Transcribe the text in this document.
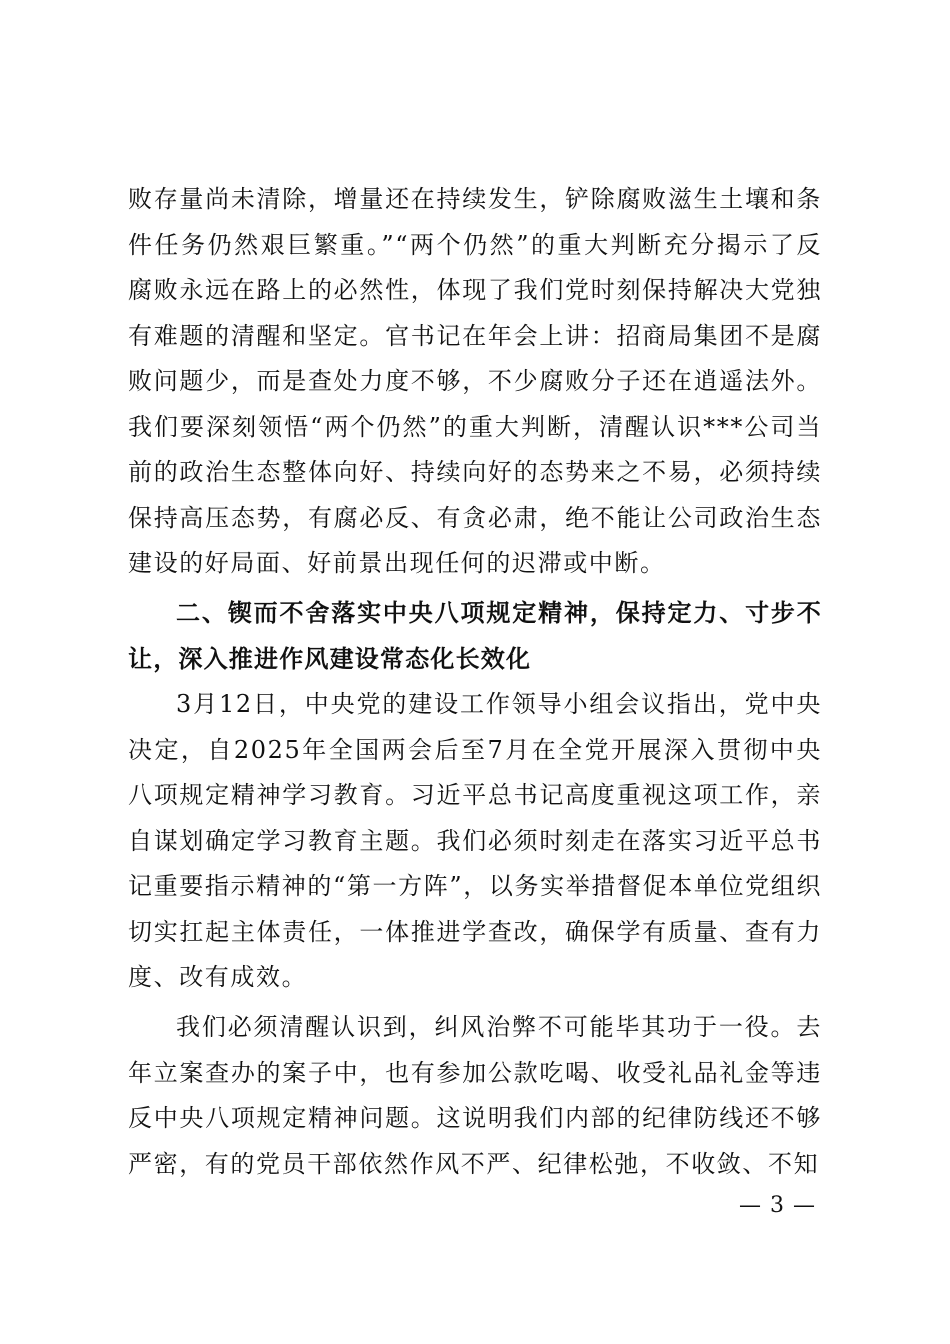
败存量尚未清除，增量还在持续发生，铲除腐败滋生土壤和条件任务仍然艰巨繁重。”“两个仍然”的重大判断充分揭示了反腐败永远在路上的必然性，体现了我们党时刻保持解决大党独有难题的清醒和坚定。官书记在年会上讲：招商局集团不是腐败问题少，而是查处力度不够，不少腐败分子还在逍遥法外。我们要深刻领悟“两个仍然”的重大判断，清醒认识***公司当前的政治生态整体向好、持续向好的态势来之不易，必须持续保持高压态势，有腐必反、有贪必肃，绝不能让公司政治生态建设的好局面、好前景出现任何的迟滞或中断。

二、锲而不舍落实中央八项规定精神，保持定力、寸步不让，深入推进作风建设常态化长效化

3月12日，中央党的建设工作领导小组会议指出，党中央决定，自2025年全国两会后至7月在全党开展深入贯彻中央八项规定精神学习教育。习近平总书记高度重视这项工作，亲自谋划确定学习教育主题。我们必须时刻走在落实习近平总书记重要指示精神的“第一方阵”，以务实举措督促本单位党组织切实扛起主体责任，一体推进学查改，确保学有质量、查有力度、改有成效。

我们必须清醒认识到，纠风治弊不可能毕其功于一役。去年立案查办的案子中，也有参加公款吃喝、收受礼品礼金等违反中央八项规定精神问题。这说明我们内部的纪律防线还不够严密，有的党员干部依然作风不严、纪律松弛，不收敛、不知

— 3 —
